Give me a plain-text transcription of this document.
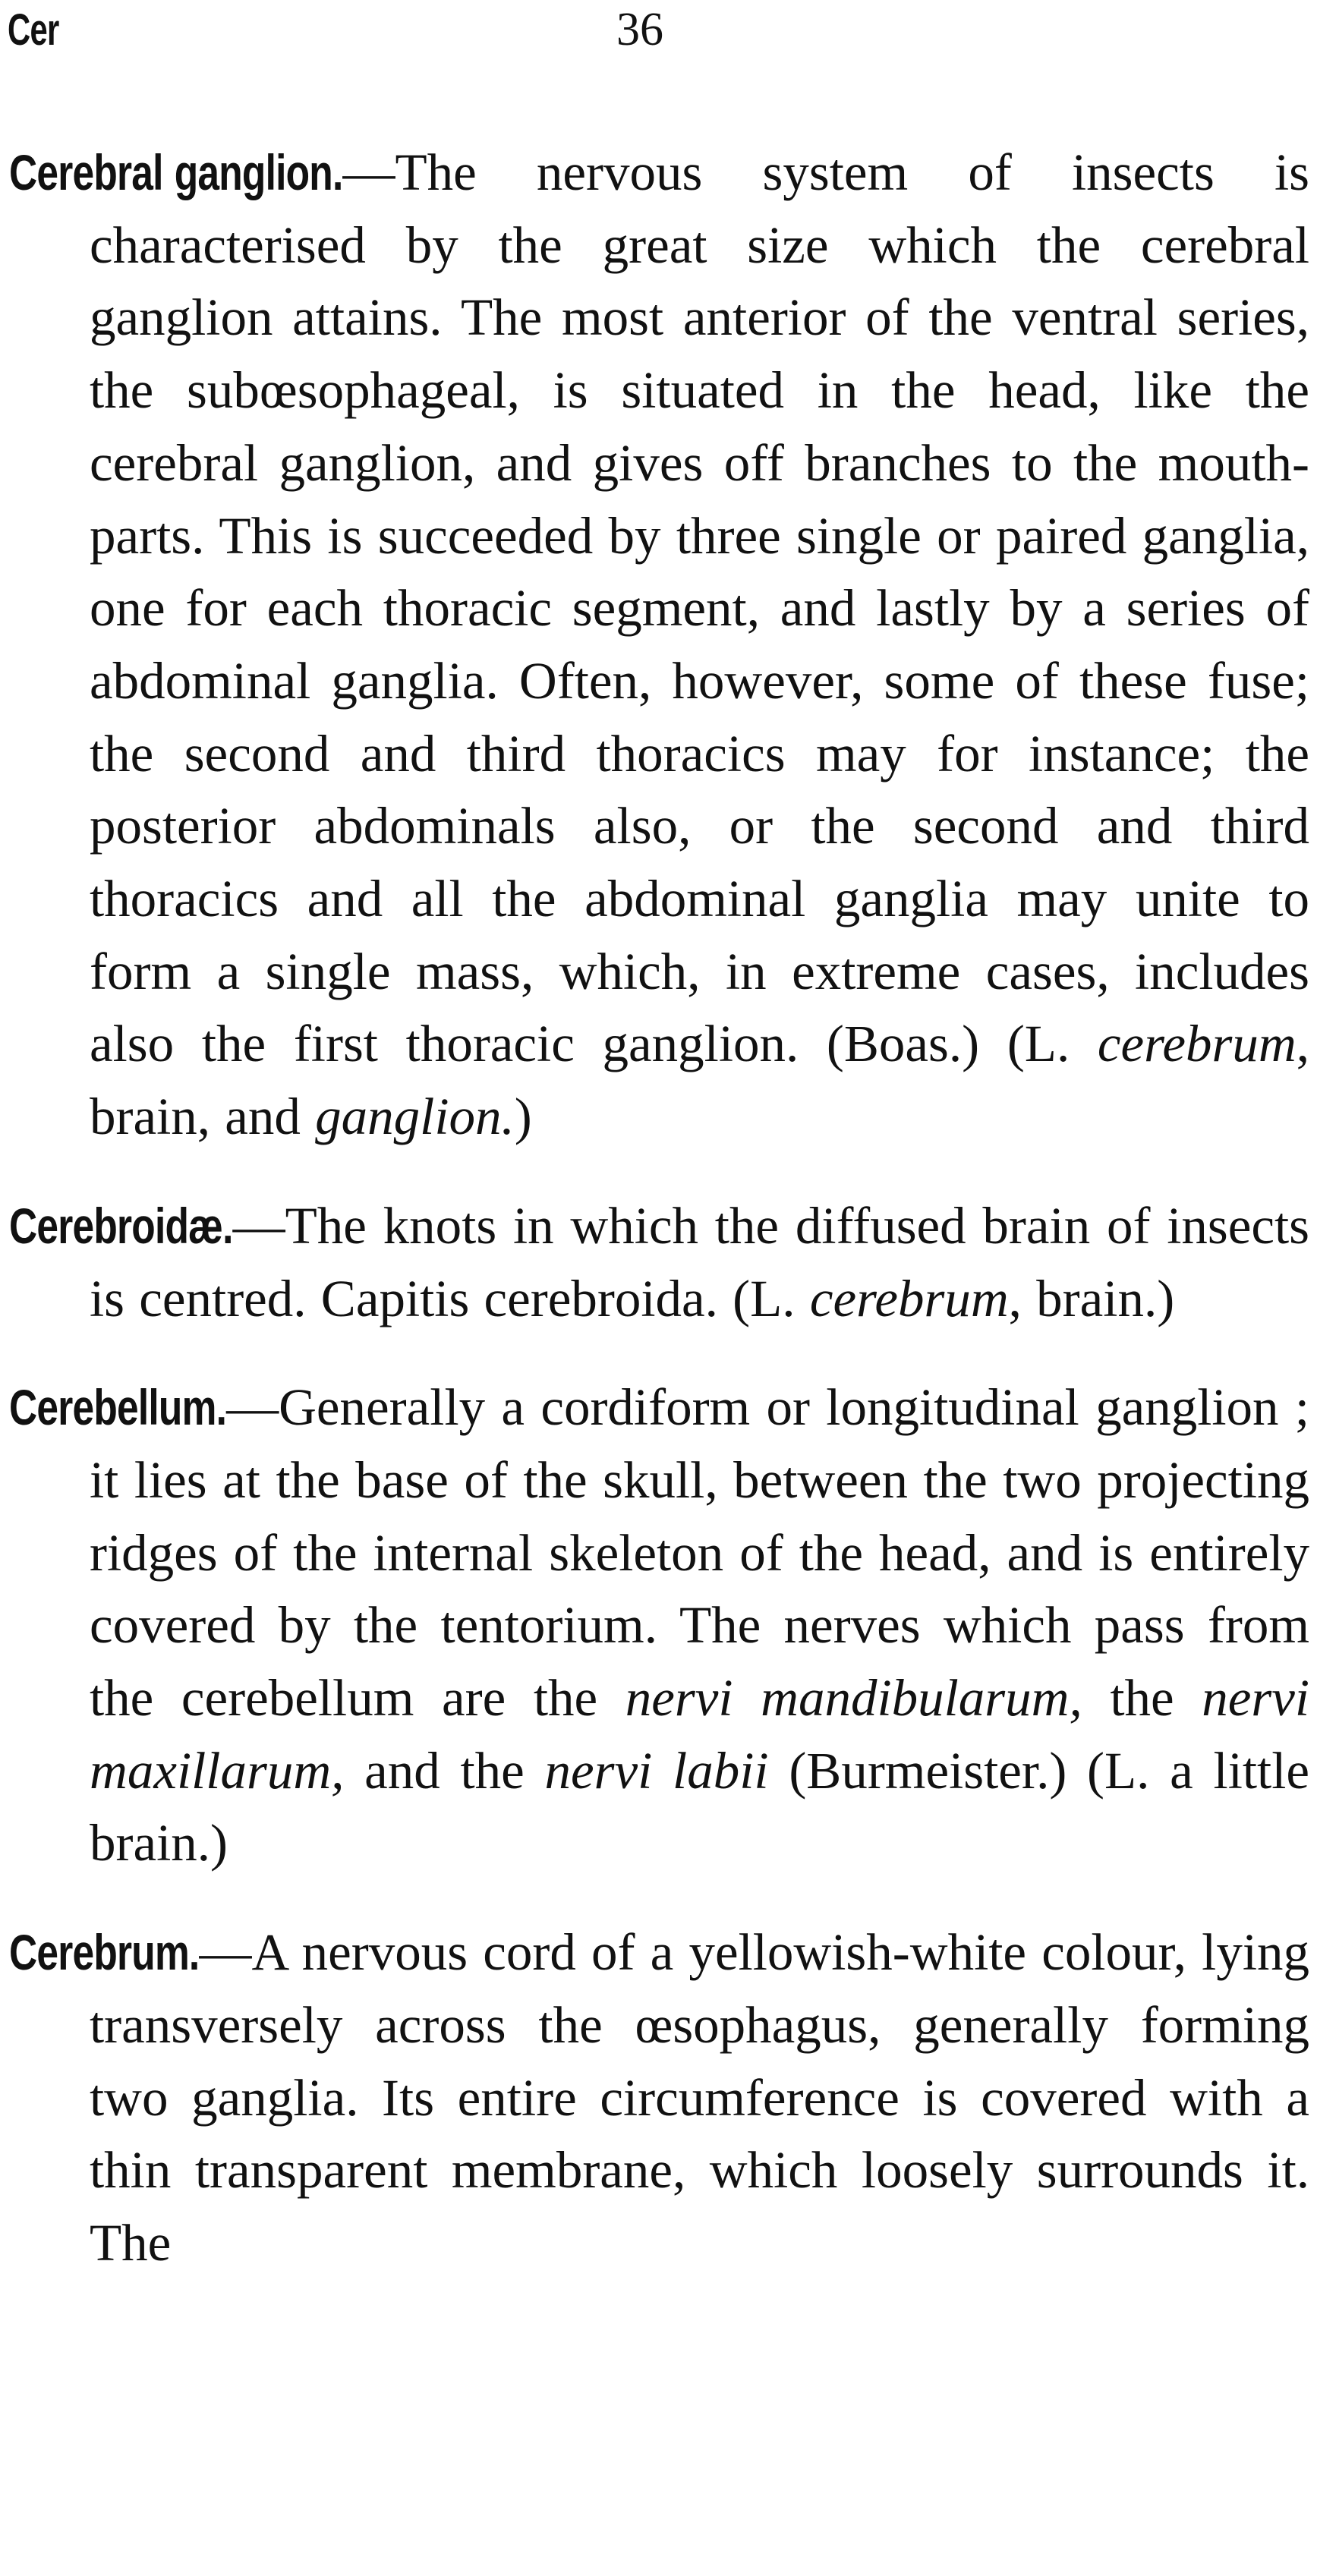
Cer	36

Cerebral ganglion.—The nervous system of insects is characterised by the great size which the cerebral ganglion attains. The most anterior of the ventral series, the subœsophageal, is situated in the head, like the cerebral ganglion, and gives off branches to the mouth-parts. This is succeeded by three single or paired ganglia, one for each thoracic segment, and lastly by a series of abdominal ganglia. Often, however, some of these fuse; the second and third thoracics may for instance; the posterior abdominals also, or the second and third thoracics and all the abdominal ganglia may unite to form a single mass, which, in extreme cases, includes also the first thoracic ganglion. (Boas.) (L. cerebrum, brain, and ganglion.)

Cerebroidæ.—The knots in which the diffused brain of insects is centred. Capitis cerebroida. (L. cerebrum, brain.)

Cerebellum.—Generally a cordiform or longitudinal ganglion ; it lies at the base of the skull, between the two projecting ridges of the internal skeleton of the head, and is entirely covered by the tentorium. The nerves which pass from the cerebellum are the nervi mandibularum, the nervi maxillarum, and the nervi labii (Burmeister.) (L. a little brain.)

Cerebrum.—A nervous cord of a yellowish-white colour, lying transversely across the œsophagus, generally forming two ganglia. Its entire circumference is covered with a thin transparent membrane, which loosely surrounds it. The
